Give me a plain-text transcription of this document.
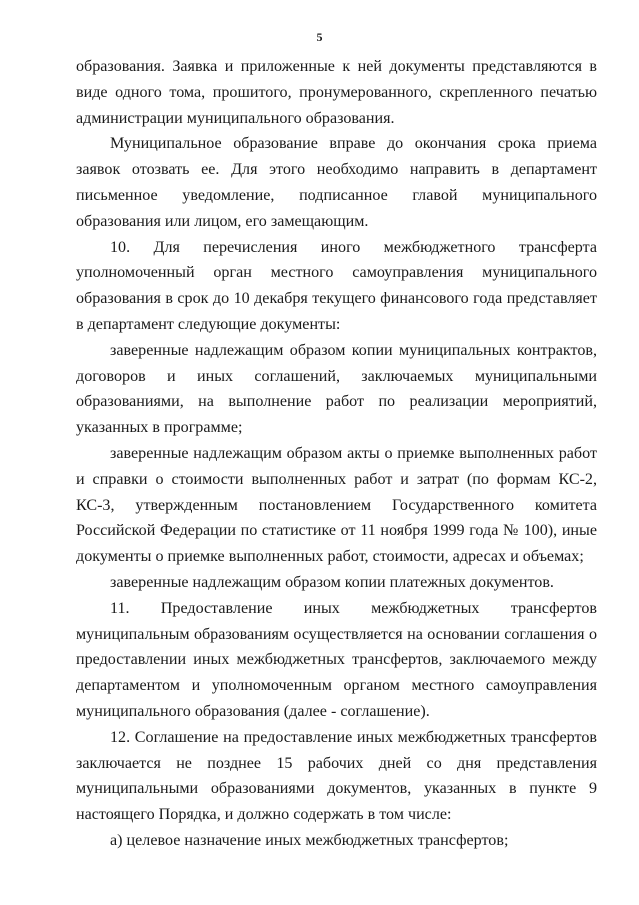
5

образования. Заявка и приложенные к ней документы представляются в виде одного тома, прошитого, пронумерованного, скрепленного печатью администрации муниципального образования.

Муниципальное образование вправе до окончания срока приема заявок отозвать ее. Для этого необходимо направить в департамент письменное уведомление, подписанное главой муниципального образования или лицом, его замещающим.

10. Для перечисления иного межбюджетного трансферта уполномоченный орган местного самоуправления муниципального образования в срок до 10 декабря текущего финансового года представляет в департамент следующие документы:

заверенные надлежащим образом копии муниципальных контрактов, договоров и иных соглашений, заключаемых муниципальными образованиями, на выполнение работ по реализации мероприятий, указанных в программе;

заверенные надлежащим образом акты о приемке выполненных работ и справки о стоимости выполненных работ и затрат (по формам КС-2, КС-3, утвержденным постановлением Государственного комитета Российской Федерации по статистике от 11 ноября 1999 года № 100), иные документы о приемке выполненных работ, стоимости, адресах и объемах;

заверенные надлежащим образом копии платежных документов.

11. Предоставление иных межбюджетных трансфертов муниципальным образованиям осуществляется на основании соглашения о предоставлении иных межбюджетных трансфертов, заключаемого между департаментом и уполномоченным органом местного самоуправления муниципального образования (далее - соглашение).

12. Соглашение на предоставление иных межбюджетных трансфертов заключается не позднее 15 рабочих дней со дня представления муниципальными образованиями документов, указанных в пункте 9 настоящего Порядка, и должно содержать в том числе:

а) целевое назначение иных межбюджетных трансфертов;
